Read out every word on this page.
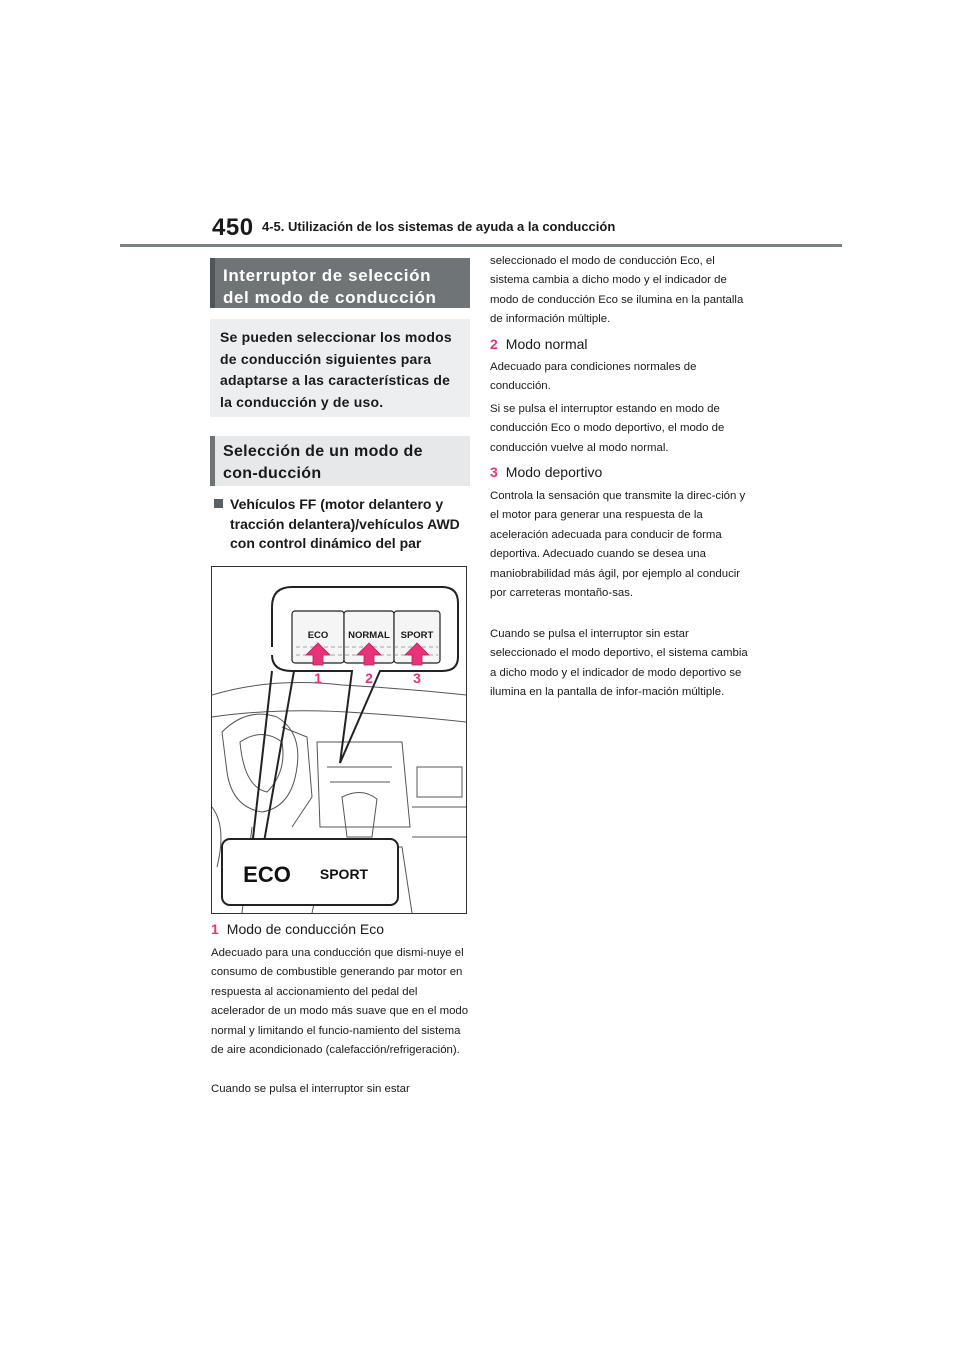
450 4-5. Utilización de los sistemas de ayuda a la conducción
Interruptor de selección del modo de conducción
Se pueden seleccionar los modos de conducción siguientes para adaptarse a las características de la conducción y de uso.
Selección de un modo de con-ducción
Vehículos FF (motor delantero y tracción delantera)/vehículos AWD con control dinámico del par
ECO NORMAL SPORT
1	2	3
ECO SPORT
1 Modo de conducción Eco
Adecuado para una conducción que dismi-nuye el consumo de combustible generando par motor en respuesta al accionamiento del pedal del acelerador de un modo más suave que en el modo normal y limitando el funcio-namiento del sistema de aire acondicionado (calefacción/refrigeración).
Cuando se pulsa el interruptor sin estar
seleccionado el modo de conducción Eco, el sistema cambia a dicho modo y el indicador de modo de conducción Eco se ilumina en la pantalla de información múltiple.
2 Modo normal
Adecuado para condiciones normales de conducción.
Si se pulsa el interruptor estando en modo de conducción Eco o modo deportivo, el modo de conducción vuelve al modo normal.
3 Modo deportivo
Controla la sensación que transmite la direc-ción y el motor para generar una respuesta de la aceleración adecuada para conducir de forma deportiva. Adecuado cuando se desea una maniobrabilidad más ágil, por ejemplo al conducir por carreteras montaño-sas.
Cuando se pulsa el interruptor sin estar seleccionado el modo deportivo, el sistema cambia a dicho modo y el indicador de modo deportivo se ilumina en la pantalla de infor-mación múltiple.
